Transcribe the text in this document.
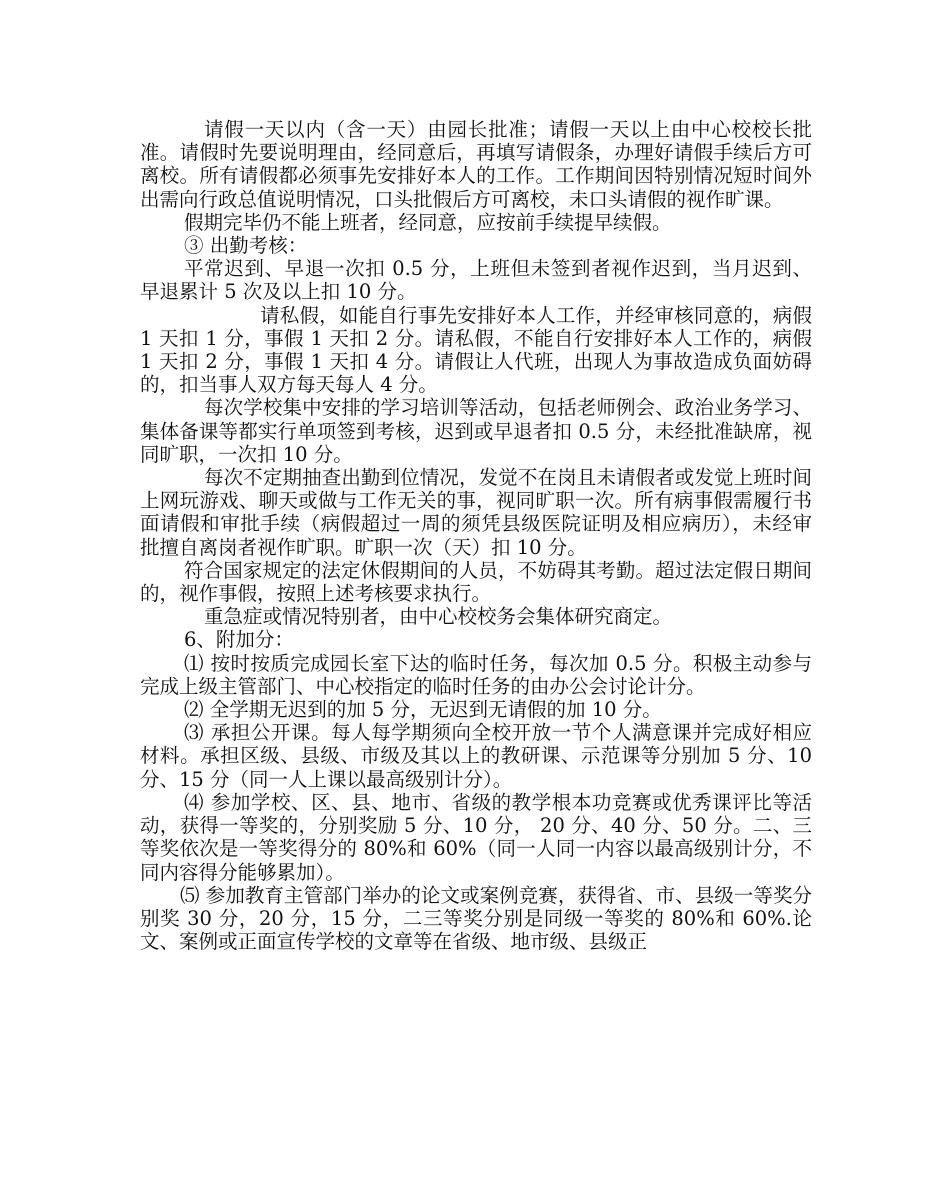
请假一天以内（含一天）由园长批准；请假一天以上由中心校校长批准。请假时先要说明理由，经同意后，再填写请假条，办理好请假手续后方可离校。所有请假都必须事先安排好本人的工作。工作期间因特别情况短时间外出需向行政总值说明情况，口头批假后方可离校，未口头请假的视作旷课。

假期完毕仍不能上班者，经同意，应按前手续提早续假。

③ 出勤考核：

平常迟到、早退一次扣 0.5 分，上班但未签到者视作迟到，当月迟到、早退累计 5 次及以上扣 10 分。

请私假，如能自行事先安排好本人工作，并经审核同意的，病假 1 天扣 1 分，事假 1 天扣 2 分。请私假，不能自行安排好本人工作的，病假 1 天扣 2 分，事假 1 天扣 4 分。请假让人代班，出现人为事故造成负面妨碍的，扣当事人双方每天每人 4 分。

每次学校集中安排的学习培训等活动，包括老师例会、政治业务学习、集体备课等都实行单项签到考核，迟到或早退者扣 0.5 分，未经批准缺席，视同旷职，一次扣 10 分。

每次不定期抽查出勤到位情况，发觉不在岗且未请假者或发觉上班时间上网玩游戏、聊天或做与工作无关的事，视同旷职一次。所有病事假需履行书面请假和审批手续（病假超过一周的须凭县级医院证明及相应病历），未经审批擅自离岗者视作旷职。旷职一次（天）扣 10 分。

符合国家规定的法定休假期间的人员，不妨碍其考勤。超过法定假日期间的，视作事假，按照上述考核要求执行。

重急症或情况特别者，由中心校校务会集体研究商定。

6、附加分：

⑴ 按时按质完成园长室下达的临时任务，每次加 0.5 分。积极主动参与完成上级主管部门、中心校指定的临时任务的由办公会讨论计分。

⑵ 全学期无迟到的加 5 分，无迟到无请假的加 10 分。

⑶ 承担公开课。每人每学期须向全校开放一节个人满意课并完成好相应材料。承担区级、县级、市级及其以上的教研课、示范课等分别加 5 分、10 分、15 分（同一人上课以最高级别计分）。

⑷ 参加学校、区、县、地市、省级的教学根本功竞赛或优秀课评比等活动，获得一等奖的，分别奖励 5 分、10 分， 20 分、40 分、50 分。二、三等奖依次是一等奖得分的 80%和 60%（同一人同一内容以最高级别计分，不同内容得分能够累加）。

⑸ 参加教育主管部门举办的论文或案例竞赛，获得省、市、县级一等奖分别奖 30 分，20 分，15 分，二三等奖分别是同级一等奖的 80%和 60%.论文、案例或正面宣传学校的文章等在省级、地市级、县级正
